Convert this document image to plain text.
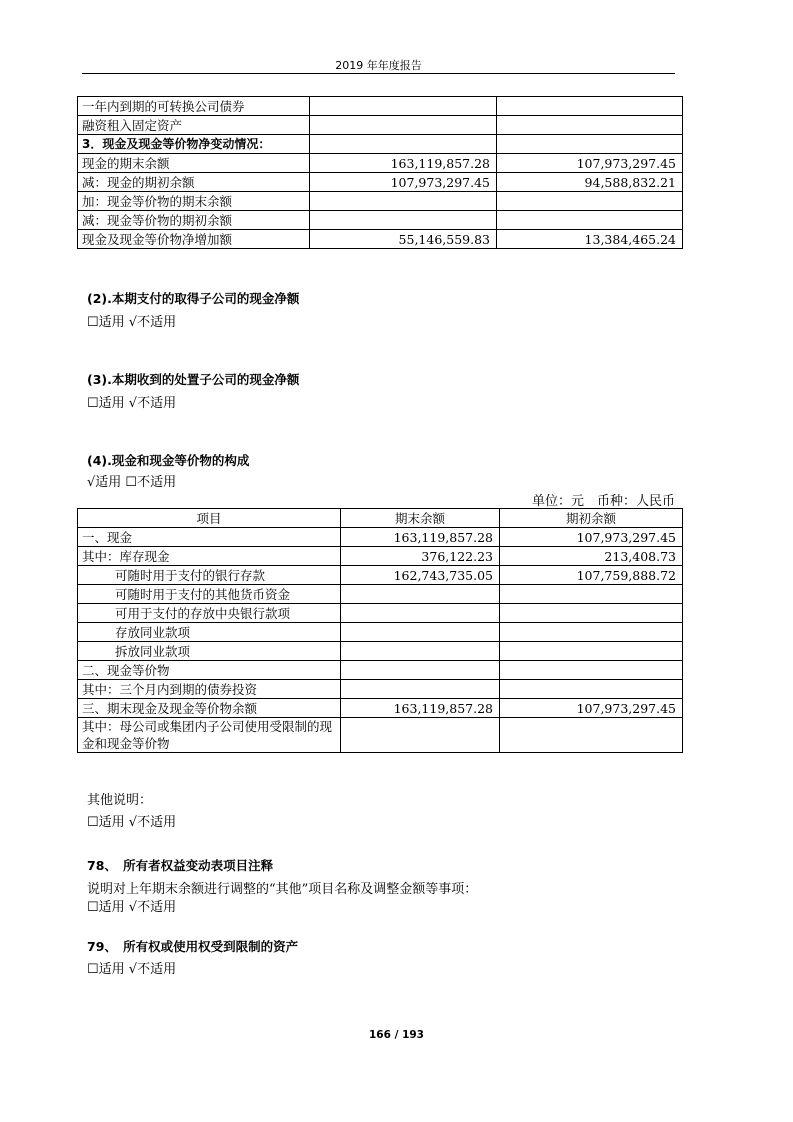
2019 年年度报告
一年内到期的可转换公司债券		
融资租入固定资产		
3．现金及现金等价物净变动情况：		
现金的期末余额	163,119,857.28	107,973,297.45
减：现金的期初余额	107,973,297.45	94,588,832.21
加：现金等价物的期末余额		
减：现金等价物的期初余额		
现金及现金等价物净增加额	55,146,559.83	13,384,465.24
(2).本期支付的取得子公司的现金净额
☐适用 √不适用
(3).本期收到的处置子公司的现金净额
☐适用 √不适用
(4).现金和现金等价物的构成
√适用 ☐不适用
单位：元　币种：人民币
项目	期末余额	期初余额
一、现金	163,119,857.28	107,973,297.45
其中：库存现金	376,122.23	213,408.73
可随时用于支付的银行存款	162,743,735.05	107,759,888.72
可随时用于支付的其他货币资金		
可用于支付的存放中央银行款项		
存放同业款项		
拆放同业款项		
二、现金等价物		
其中：三个月内到期的债券投资		
三、期末现金及现金等价物余额	163,119,857.28	107,973,297.45
其中：母公司或集团内子公司使用受限制的现金和现金等价物		
其他说明：
☐适用 √不适用
78、　所有者权益变动表项目注释
说明对上年期末余额进行调整的“其他”项目名称及调整金额等事项：
☐适用 √不适用
79、　所有权或使用权受到限制的资产
☐适用 √不适用
166 / 193
